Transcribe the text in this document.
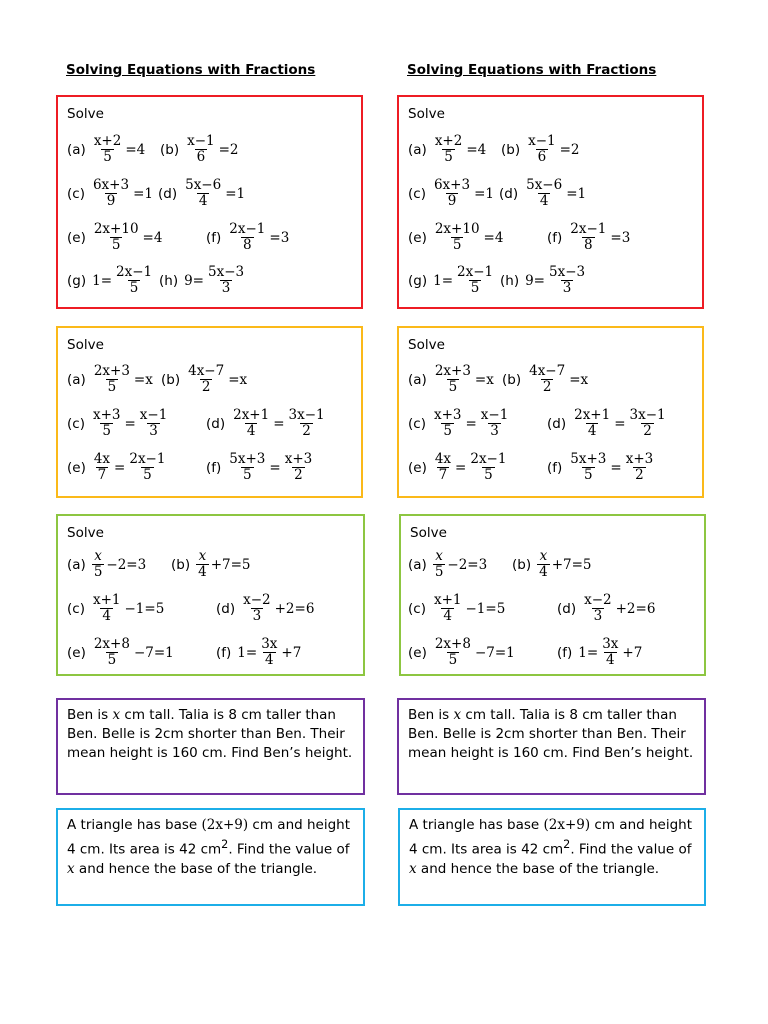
Solving Equations with Fractions
Solve
$(a) \frac{x+2}{5} =4$ $(b) \frac{x-1}{6} =2$
$(c) \frac{6x+3}{9} =1$ $(d) \frac{5x-6}{4} =1$
$(e) \frac{2x+10}{5} =4$	$(f) \frac{2x-1}{8} =3$
(g) $1= \frac{2x-1}{5} (h)$ $9= \frac{5x-3}{3}$
Solve
$(a) \frac{2x+3}{5} =x$ $(b) \frac{4x-7}{2} =x$
$(c) \frac{x+3}{5} = \frac{x-1}{3}$	$(d) \frac{2x+1}{4} = \frac{3x-1}{2}$
$(e) \frac{4x}{7} = \frac{2x-1}{5}$	$(f) \frac{5x+3}{5} = \frac{x+3}{2}$
Solve
$(a) \frac{x}{5} -2=3$ $(b) \frac{x}{4} +7=5$
$(c) \frac{x+1}{4} -1=5$	$(d) \frac{x-2}{3} +2=6$
$(e) \frac{2x+8}{5} -7=1$	(f) $1= \frac{3x}{4} +7$
Ben is x cm tall. Talia is 8 cm taller than Ben. Belle is 2cm shorter than Ben. Their mean height is 160 cm. Find Ben’s height.
A triangle has base (2x+9) cm and height 4 cm. Its area is 42 $cm^2$. Find the value of x and hence the base of the triangle.
Solving Equations with Fractions
Solve
$(a) \frac{x+2}{5} =4$ $(b) \frac{x-1}{6} =2$
$(c) \frac{6x+3}{9} =1$ $(d) \frac{5x-6}{4} =1$
$(e) \frac{2x+10}{5} =4$	$(f) \frac{2x-1}{8} =3$
(g) $1= \frac{2x-1}{5} (h)$ $9= \frac{5x-3}{3}$
Solve
$(a) \frac{2x+3}{5} =x$ $(b) \frac{4x-7}{2} =x$
$(c) \frac{x+3}{5} = \frac{x-1}{3}$	$(d) \frac{2x+1}{4} = \frac{3x-1}{2}$
$(e) \frac{4x}{7} = \frac{2x-1}{5}$	$(f) \frac{5x+3}{5} = \frac{x+3}{2}$
Solve
$(a) \frac{x}{5} -2=3$ $(b) \frac{x}{4} +7=5$
$(c) \frac{x+1}{4} -1=5$	$(d) \frac{x-2}{3} +2=6$
$(e) \frac{2x+8}{5} -7=1$	(f) $1= \frac{3x}{4} +7$
Ben is x cm tall. Talia is 8 cm taller than Ben. Belle is 2cm shorter than Ben. Their mean height is 160 cm. Find Ben’s height.
A triangle has base (2x+9) cm and height 4 cm. Its area is 42 $cm^2$. Find the value of x and hence the base of the triangle.
